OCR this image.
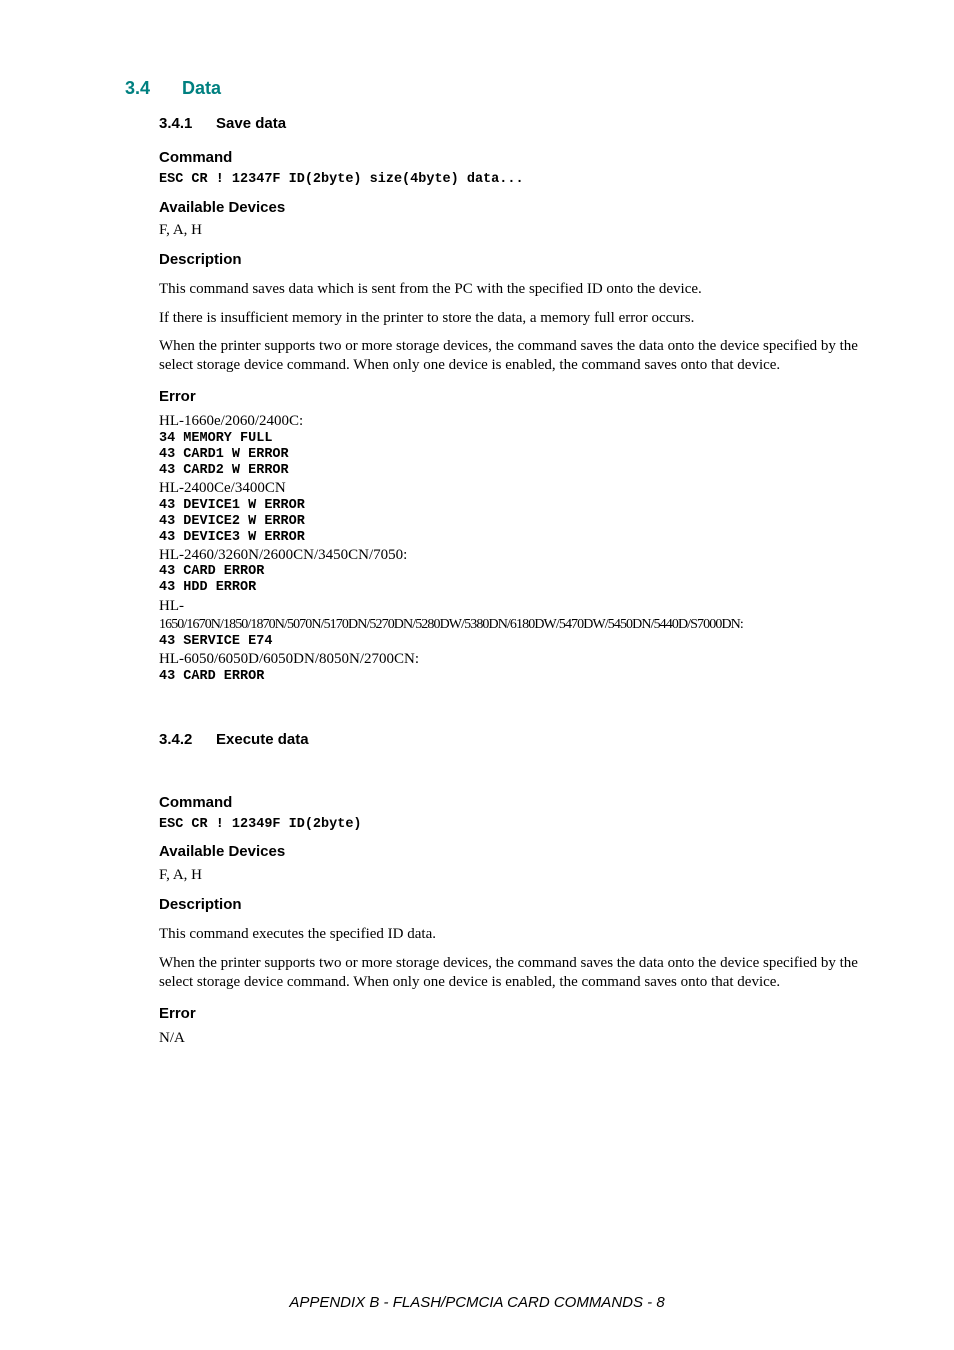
3.4 Data
3.4.1 Save data
Command
ESC CR ! 12347F ID(2byte) size(4byte) data...
Available Devices
F, A, H
Description
This command saves data which is sent from the PC with the specified ID onto the device.
If there is insufficient memory in the printer to store the data, a memory full error occurs.
When the printer supports two or more storage devices, the command saves the data onto the device specified by the select storage device command. When only one device is enabled, the command saves onto that device.
Error
HL-1660e/2060/2400C:
34 MEMORY FULL
43 CARD1 W ERROR
43 CARD2 W ERROR
HL-2400Ce/3400CN
43 DEVICE1 W ERROR
43 DEVICE2 W ERROR
43 DEVICE3 W ERROR
HL-2460/3260N/2600CN/3450CN/7050:
43 CARD ERROR
43 HDD ERROR
HL-
1650/1670N/1850/1870N/5070N/5170DN/5270DN/5280DW/5380DN/6180DW/5470DW/5450DN/5440D/S7000DN:
43 SERVICE E74
HL-6050/6050D/6050DN/8050N/2700CN:
43 CARD ERROR
3.4.2 Execute data
Command
ESC CR ! 12349F ID(2byte)
Available Devices
F, A, H
Description
This command executes the specified ID data.
When the printer supports two or more storage devices, the command saves the data onto the device specified by the select storage device command. When only one device is enabled, the command saves onto that device.
Error
N/A
APPENDIX B - FLASH/PCMCIA CARD COMMANDS - 8
